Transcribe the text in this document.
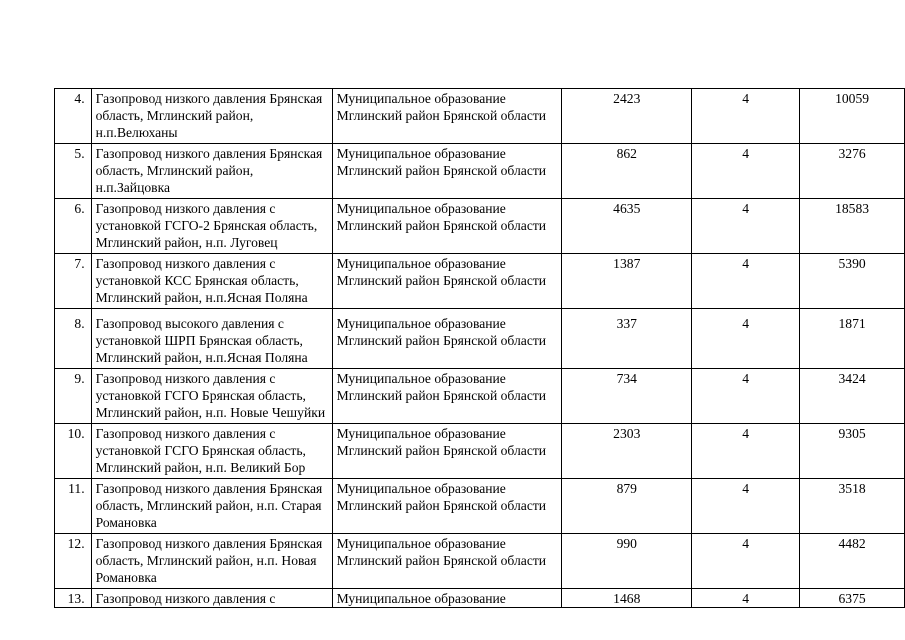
4.	Газопровод низкого давления Брянская область, Мглинский район, н.п.Велюханы	Муниципальное образование Мглинский район Брянской области	2423	4	10059
5.	Газопровод низкого давления Брянская область, Мглинский район, н.п.Зайцовка	Муниципальное образование Мглинский район Брянской области	862	4	3276
6.	Газопровод низкого давления с установкой ГСГО-2 Брянская область, Мглинский район, н.п. Луговец	Муниципальное образование Мглинский район Брянской области	4635	4	18583
7.	Газопровод низкого давления с установкой КСС Брянская область, Мглинский район, н.п.Ясная Поляна	Муниципальное образование Мглинский район Брянской области	1387	4	5390
8.	Газопровод высокого давления с установкой ШРП Брянская область, Мглинский район, н.п.Ясная Поляна	Муниципальное образование Мглинский район Брянской области	337	4	1871
9.	Газопровод низкого давления с установкой ГСГО Брянская область, Мглинский район, н.п. Новые Чешуйки	Муниципальное образование Мглинский район Брянской области	734	4	3424
10.	Газопровод низкого давления с установкой ГСГО Брянская область, Мглинский район, н.п. Великий Бор	Муниципальное образование Мглинский район Брянской области	2303	4	9305
11.	Газопровод низкого давления Брянская область, Мглинский район, н.п. Старая Романовка	Муниципальное образование Мглинский район Брянской области	879	4	3518
12.	Газопровод низкого давления Брянская область, Мглинский район, н.п. Новая Романовка	Муниципальное образование Мглинский район Брянской области	990	4	4482
13.	Газопровод низкого давления с	Муниципальное образование	1468	4	6375
